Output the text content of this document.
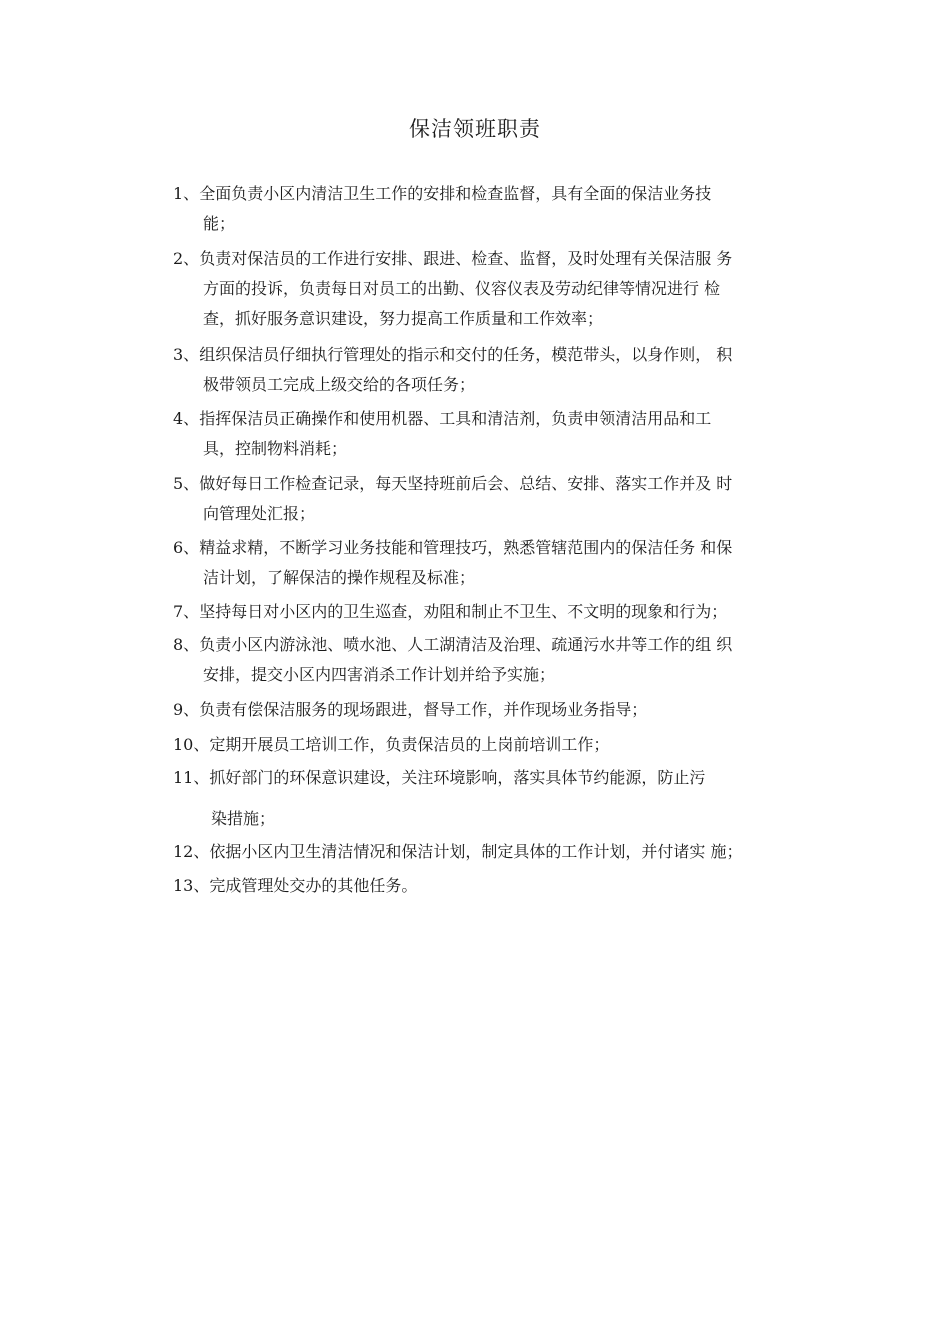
保洁领班职责
1、全面负责小区内清洁卫生工作的安排和检查监督，具有全面的保洁业务技
能；
2、负责对保洁员的工作进行安排、跟进、检查、监督，及时处理有关保洁服 务
方面的投诉，负责每日对员工的出勤、仪容仪表及劳动纪律等情况进行 检
查，抓好服务意识建设，努力提高工作质量和工作效率；
3、组织保洁员仔细执行管理处的指示和交付的任务，模范带头，以身作则， 积
极带领员工完成上级交给的各项任务；
4、指挥保洁员正确操作和使用机器、工具和清洁剂，负责申领清洁用品和工
具，控制物料消耗；
5、做好每日工作检查记录，每天坚持班前后会、总结、安排、落实工作并及 时
向管理处汇报；
6、精益求精，不断学习业务技能和管理技巧，熟悉管辖范围内的保洁任务 和保
洁计划，了解保洁的操作规程及标准；
7、坚持每日对小区内的卫生巡查，劝阻和制止不卫生、不文明的现象和行为；
8、负责小区内游泳池、喷水池、人工湖清洁及治理、疏通污水井等工作的组 织
安排，提交小区内四害消杀工作计划并给予实施；
9、负责有偿保洁服务的现场跟进，督导工作，并作现场业务指导；
10、定期开展员工培训工作，负责保洁员的上岗前培训工作；
11、抓好部门的环保意识建设，关注环境影响，落实具体节约能源，防止污
染措施；
12、依据小区内卫生清洁情况和保洁计划，制定具体的工作计划，并付诸实 施；
13、完成管理处交办的其他任务。
